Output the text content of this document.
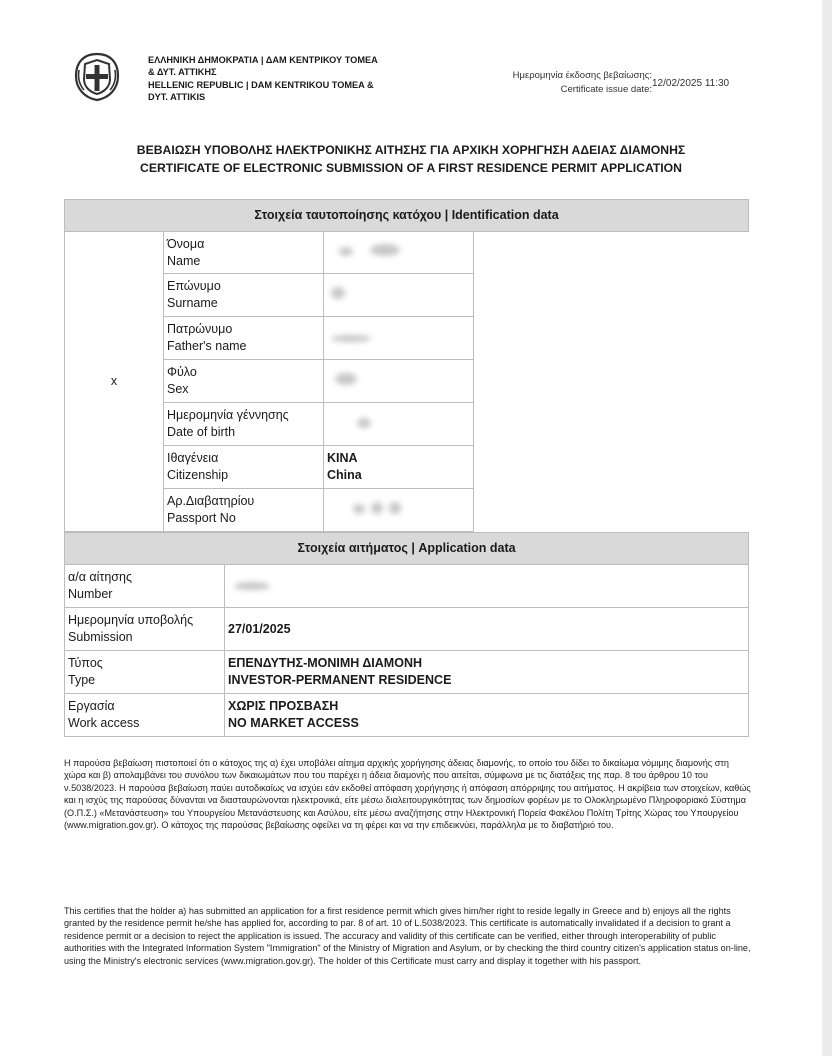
ΕΛΛΗΝΙΚΗ ΔΗΜΟΚΡΑΤΙΑ | ΔΑΜ ΚΕΝΤΡΙΚΟΥ ΤΟΜΕΑ
& ΔΥΤ. ΑΤΤΙΚΗΣ
HELLENIC REPUBLIC | DAM KENTRIKOU TOMEA &
DYT. ATTIKIS
Ημερομηνία έκδοσης βεβαίωσης:
Certificate issue date:
12/02/2025 11:30
ΒΕΒΑΙΩΣΗ ΥΠΟΒΟΛΗΣ ΗΛΕΚΤΡΟΝΙΚΗΣ ΑΙΤΗΣΗΣ ΓΙΑ ΑΡΧΙΚΗ ΧΟΡΗΓΗΣΗ ΑΔΕΙΑΣ ΔΙΑΜΟΝΗΣ
CERTIFICATE OF ELECTRONIC SUBMISSION OF A FIRST RESIDENCE PERMIT APPLICATION
Στοιχεία ταυτοποίησης κατόχου | Identification data			
x	Όνομα
Name		

	Επώνυμο
Surname		

	Πατρώνυμο
Father's name		

	Φύλο
Sex		

	Ημερομηνία γέννησης
Date of birth		

	Ιθαγένεια
Citizenship	KINA
China	

	Αρ.Διαβατηρίου
Passport No		

Στοιχεία αιτήματος | Application data	

α/α αίτησης
Number	

Ημερομηνία υποβολής
Submission	27/01/2025

Τύπος
Type	ΕΠΕΝΔΥΤΗΣ-ΜΟΝΙΜΗ ΔΙΑΜΟΝΗ
INVESTOR-PERMANENT RESIDENCE

Εργασία
Work access	ΧΩΡΙΣ ΠΡΟΣΒΑΣΗ
NO MARKET ACCESS
Η παρούσα βεβαίωση πιστοποιεί ότι ο κάτοχος της α) έχει υποβάλει αίτημα αρχικής χορήγησης άδειας διαμονής, το οποίο του δίδει το δικαίωμα νόμιμης διαμονής στη χώρα και β) απολαμβάνει του συνόλου των δικαιωμάτων που του παρέχει η άδεια διαμονής που αιτείται, σύμφωνα με τις διατάξεις της παρ. 8 του άρθρου 10 του ν.5038/2023. Η παρούσα βεβαίωση παύει αυτοδικαίως να ισχύει εάν εκδοθεί απόφαση χορήγησης ή απόφαση απόρριψης του αιτήματος. Η ακρίβεια των στοιχείων, καθώς και η ισχύς της παρούσας δύνανται να διασταυρώνονται ηλεκτρονικά, είτε μέσω διαλειτουργικότητας των δημοσίων φορέων με το Ολοκληρωμένο Πληροφοριακό Σύστημα (Ο.Π.Σ.) «Μετανάστευση» του Υπουργείου Μετανάστευσης και Ασύλου, είτε μέσω αναζήτησης στην Ηλεκτρονική Πορεία Φακέλου Πολίτη Τρίτης Χώρας του Υπουργείου (www.migration.gov.gr). Ο κάτοχος της παρούσας βεβαίωσης οφείλει να τη φέρει και να την επιδεικνύει, παράλληλα με το διαβατήριό του.
This certifies that the holder a) has submitted an application for a first residence permit which gives him/her right to reside legally in Greece and b) enjoys all the rights granted by the residence permit he/she has applied for, according to par. 8 of art. 10 of L.5038/2023. This certificate is automatically invalidated if a decision to grant a residence permit or a decision to reject the application is issued. The accuracy and validity of this certificate can be verified, either through interoperability of public authorities with the Integrated Information System "Immigration" of the Ministry of Migration and Asylum, or by checking the third country citizen's application status on-line, using the Ministry's electronic services (www.migration.gov.gr). The holder of this Certificate must carry and display it together with his passport.
